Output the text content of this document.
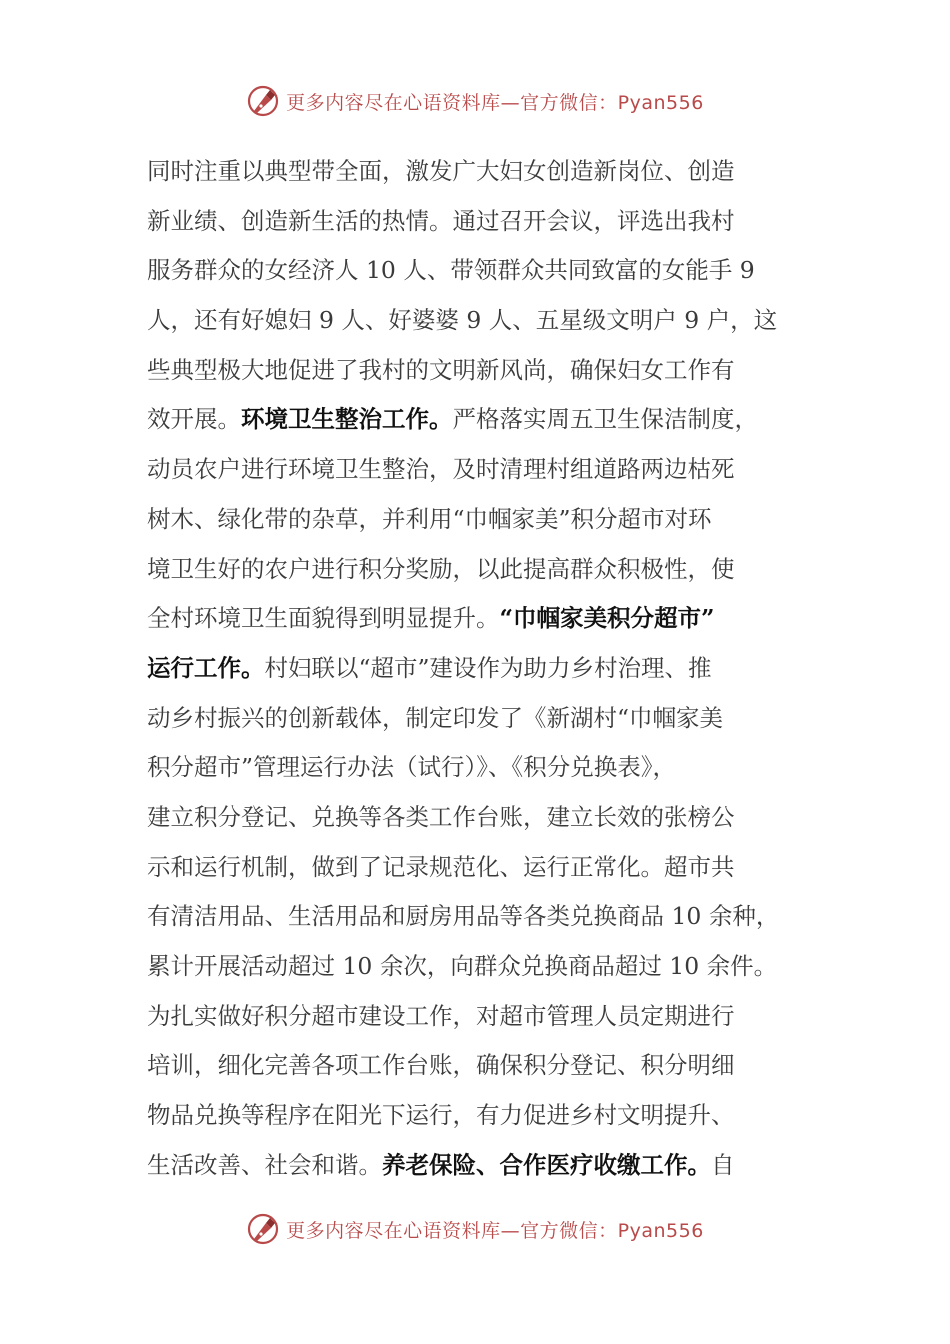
更多内容尽在心语资料库—官方微信：Pyan556
同时注重以典型带全面，激发广大妇女创造新岗位、创造
新业绩、创造新生活的热情。通过召开会议，评选出我村
服务群众的女经济人 10 人、带领群众共同致富的女能手 9
人，还有好媳妇 9 人、好婆婆 9 人、五星级文明户 9 户，这
些典型极大地促进了我村的文明新风尚，确保妇女工作有
效开展。环境卫生整治工作。严格落实周五卫生保洁制度，
动员农户进行环境卫生整治，及时清理村组道路两边枯死
树木、绿化带的杂草，并利用“巾帼家美”积分超市对环
境卫生好的农户进行积分奖励，以此提高群众积极性，使
全村环境卫生面貌得到明显提升。“巾帼家美积分超市”
运行工作。村妇联以“超市”建设作为助力乡村治理、推
动乡村振兴的创新载体，制定印发了《新湖村“巾帼家美
积分超市”管理运行办法（试行）》、《积分兑换表》，
建立积分登记、兑换等各类工作台账，建立长效的张榜公
示和运行机制，做到了记录规范化、运行正常化。超市共
有清洁用品、生活用品和厨房用品等各类兑换商品 10 余种，
累计开展活动超过 10 余次，向群众兑换商品超过 10 余件。
为扎实做好积分超市建设工作，对超市管理人员定期进行
培训，细化完善各项工作台账，确保积分登记、积分明细
物品兑换等程序在阳光下运行，有力促进乡村文明提升、
生活改善、社会和谐。养老保险、合作医疗收缴工作。自
更多内容尽在心语资料库—官方微信：Pyan556
